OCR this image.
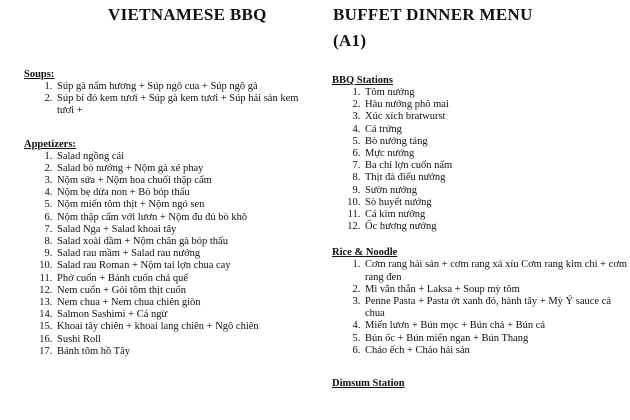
VIETNAMESE BBQ	BUFFET DINNER MENU
(A1)
Soups:
1. Súp gà nấm hương + Súp ngô cua + Súp ngô gà
2. Súp bí đỏ kem tươi + Súp gà kem tươi + Súp hải sản kem tươi +
Appetizers:
1. Salad ngồng cải
2. Salad bò nướng + Nộm gà xé phay
3. Nộm sứa + Nộm hoa chuối thập cẩm
4. Nộm bẹ dừa non + Bò bóp thấu
5. Nộm miến tôm thịt + Nộm ngó sen
6. Nộm thập cẩm với lươn + Nộm đu đủ bò khô
7. Salad Nga + Salad khoai tây
8. Salad xoài dầm + Nộm chân gà bóp thấu
9. Salad rau mầm + Salad rau nướng
10. Salad rau Roman + Nộm tai lợn chua cay
11. Phở cuốn + Bánh cuốn chả quế
12. Nem cuốn + Gỏi tôm thịt cuốn
13. Nem chua + Nem chua chiên giòn
14. Salmon Sashimi + Cá ngừ
15. Khoai tây chiên + khoai lang chiên + Ngô chiên
16. Sushi Roll
17. Bánh tôm hồ Tây
BBQ Stations
1. Tôm nướng
2. Hàu nướng phô mai
3. Xúc xích bratwurst
4. Cá trứng
5. Bò nướng tảng
6. Mực nướng
7. Ba chỉ lợn cuốn nấm
8. Thịt đà điểu nướng
9. Sườn nướng
10. Sò huyết nướng
11. Cá kìm nướng
12. Ốc hương nướng
Rice & Noodle
1. Cơm rang hải sản + cơm rang xá xíu Cơm rang kim chi + cơm rang đen
2. Mì vằn thắn + Laksa + Soup mỳ tôm
3. Penne Pasta + Pasta ớt xanh đỏ, hành tây + Mỳ Ý sauce cà chua
4. Miến lươn + Bún mọc + Bún chả + Bún cá
5. Bún ốc + Bún miến ngan + Bún Thang
6. Cháo ếch + Cháo hải sản
Dimsum Station
